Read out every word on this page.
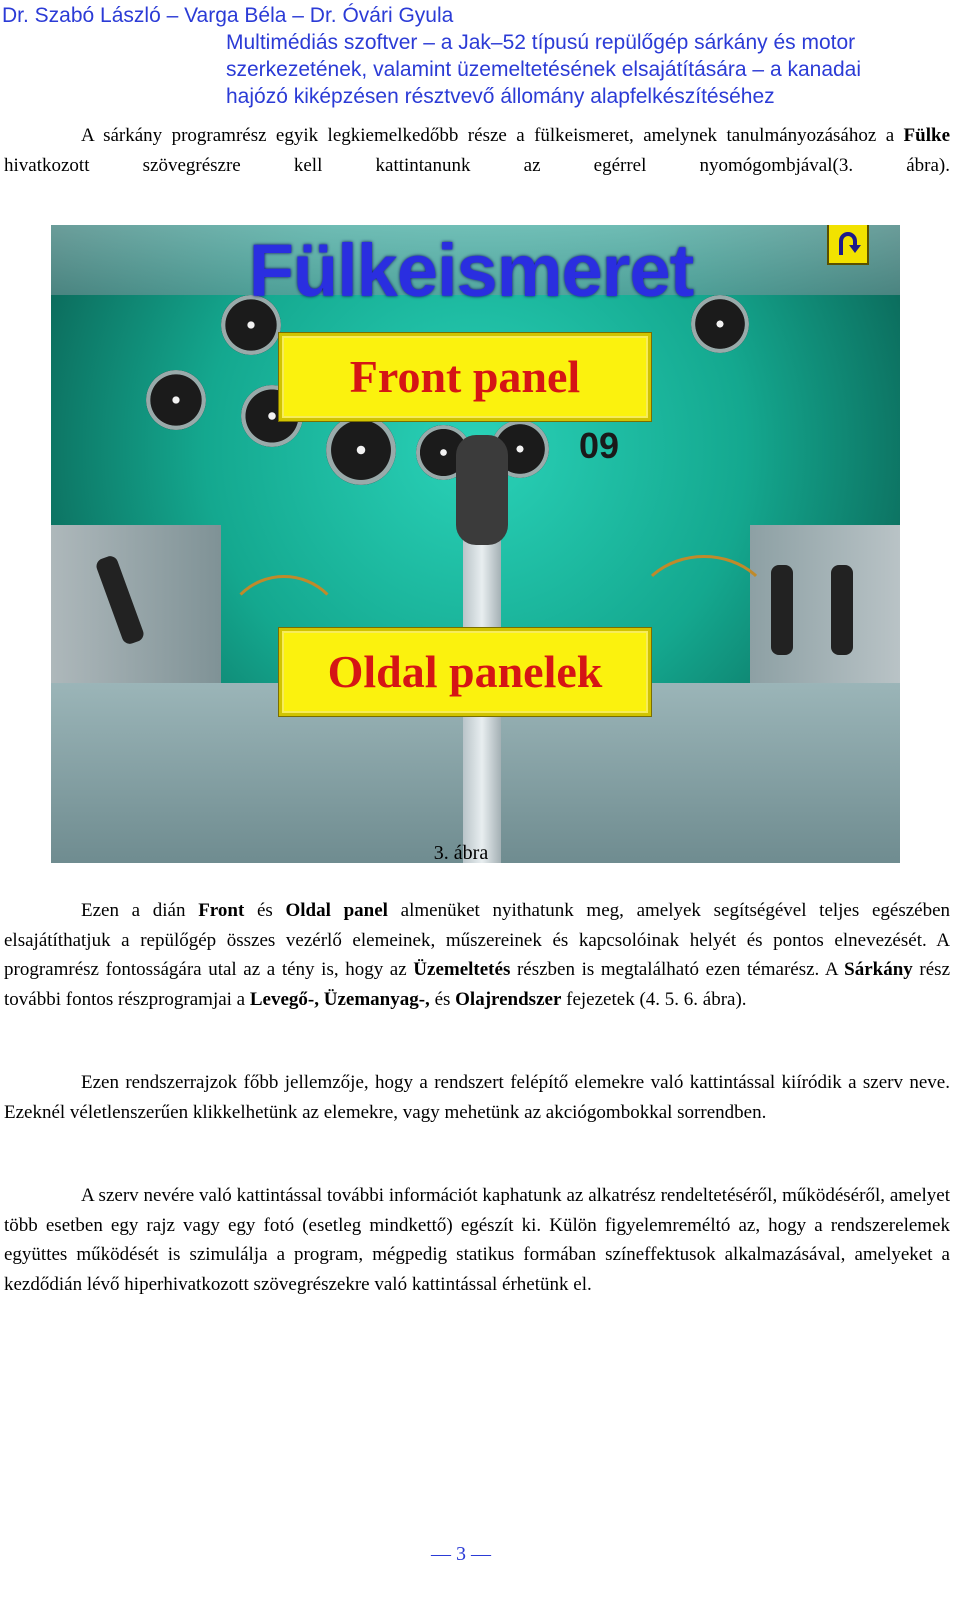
Dr. Szabó László – Varga Béla – Dr. Óvári Gyula
Multimédiás szoftver – a Jak–52 típusú repülőgép sárkány és motor
szerkezetének, valamint üzemeltetésének elsajátítására – a kanadai
hajózó kiképzésen résztvevő állomány alapfelkészítéséhez
A sárkány programrész egyik legkiemelkedőbb része a fülkeismeret, amelynek tanulmányozásához a Fülke hivatkozott szövegrészre kell kattintanunk az egérrel nyomógombjával(3. ábra).
09
Fülkeismeret
Front panel
Oldal panelek
3. ábra
Ezen a dián Front és Oldal panel almenüket nyithatunk meg, amelyek segítségével teljes egészében elsajátíthatjuk a repülőgép összes vezérlő elemeinek, műszereinek és kapcsolóinak helyét és pontos elnevezését. A programrész fontosságára utal az a tény is, hogy az Üzemeltetés részben is megtalálható ezen témarész. A Sárkány rész további fontos részprogramjai a Levegő-, Üzemanyag-, és Olajrendszer fejezetek (4. 5. 6. ábra).
Ezen rendszerrajzok főbb jellemzője, hogy a rendszert felépítő elemekre való kattintással kiíródik a szerv neve. Ezeknél véletlenszerűen klikkelhetünk az elemekre, vagy mehetünk az akciógombokkal sorrendben.
A szerv nevére való kattintással további információt kaphatunk az alkatrész rendeltetéséről, működéséről, amelyet több esetben egy rajz vagy egy fotó (esetleg mindkettő) egészít ki. Külön figyelemreméltó az, hogy a rendszerelemek együttes működését is szimulálja a program, mégpedig statikus formában színeffektusok alkalmazásával, amelyeket a kezdődián lévő hiperhivatkozott szövegrészekre való kattintással érhetünk el.
— 3 —
